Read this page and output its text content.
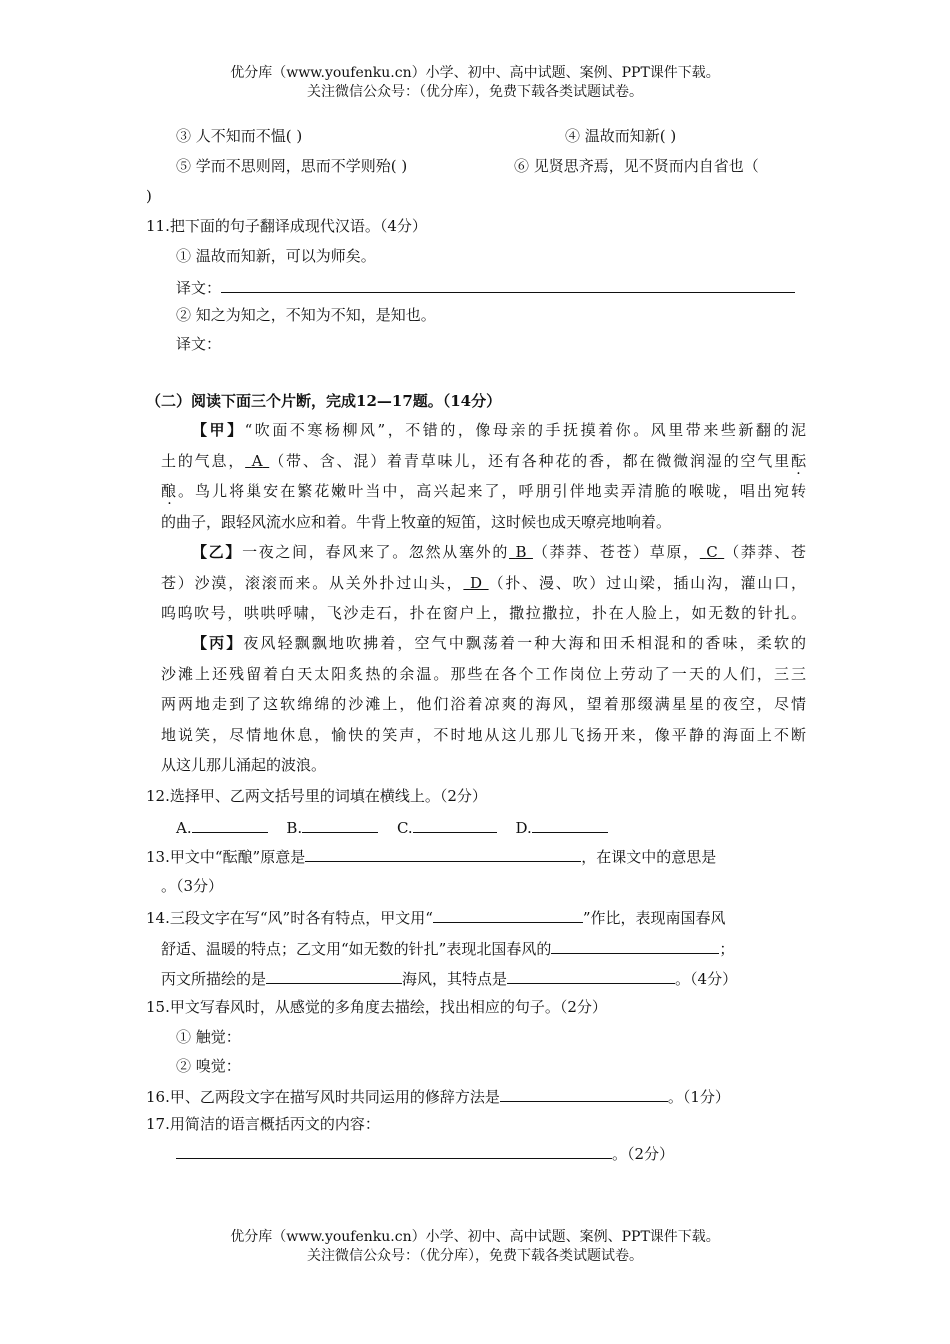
优分库（www.youfenku.cn）小学、初中、高中试题、案例、PPT课件下载。
关注微信公众号：（优分库），免费下载各类试题试卷。
③ 人不知而不愠( )	④ 温故而知新( )
⑤ 学而不思则罔，思而不学则殆( )	⑥ 见贤思齐焉，见不贤而内自省也（
)
11.把下面的句子翻译成现代汉语。（4分）
① 温故而知新，可以为师矣。
译文：
② 知之为知之，不知为不知，是知也。
译文：
（二）阅读下面三个片断，完成12—17题。（14分）
【甲】“吹面不寒杨柳风”，不错的，像母亲的手抚摸着你。风里带来些新翻的泥
土的气息， A （带、含、混）着青草味儿，还有各种花的香，都在微微润湿的空气里酝
酿。鸟儿将巢安在繁花嫩叶当中，高兴起来了，呼朋引伴地卖弄清脆的喉咙，唱出宛转
的曲子，跟轻风流水应和着。牛背上牧童的短笛，这时候也成天嘹亮地响着。
【乙】一夜之间，春风来了。忽然从塞外的 B （莽莽、苍苍）草原， C （莽莽、苍
苍）沙漠，滚滚而来。从关外扑过山头， D （扑、漫、吹）过山梁，插山沟，灌山口，
呜呜吹号，哄哄呼啸，飞沙走石，扑在窗户上，撒拉撒拉，扑在人脸上，如无数的针扎。
【丙】夜风轻飘飘地吹拂着，空气中飘荡着一种大海和田禾相混和的香味，柔软的
沙滩上还残留着白天太阳炙热的余温。那些在各个工作岗位上劳动了一天的人们，三三
两两地走到了这软绵绵的沙滩上，他们浴着凉爽的海风，望着那缀满星星的夜空，尽情
地说笑，尽情地休息，愉快的笑声，不时地从这儿那儿飞扬开来，像平静的海面上不断
从这儿那儿涌起的波浪。
12.选择甲、乙两文括号里的词填在横线上。（2分）
A.	B.	C.	D.
13.甲文中“酝酿”原意是	，在课文中的意思是
。（3分）
14.三段文字在写“风”时各有特点，甲文用“	”作比，表现南国春风
舒适、温暖的特点；乙文用“如无数的针扎”表现北国春风的	；
丙文所描绘的是	海风，其特点是	。（4分）
15.甲文写春风时，从感觉的多角度去描绘，找出相应的句子。（2分）
① 触觉：
② 嗅觉：
16.甲、乙两段文字在描写风时共同运用的修辞方法是	。（1分）
17.用简洁的语言概括丙文的内容：
。（2分）
优分库（www.youfenku.cn）小学、初中、高中试题、案例、PPT课件下载。
关注微信公众号：（优分库），免费下载各类试题试卷。
